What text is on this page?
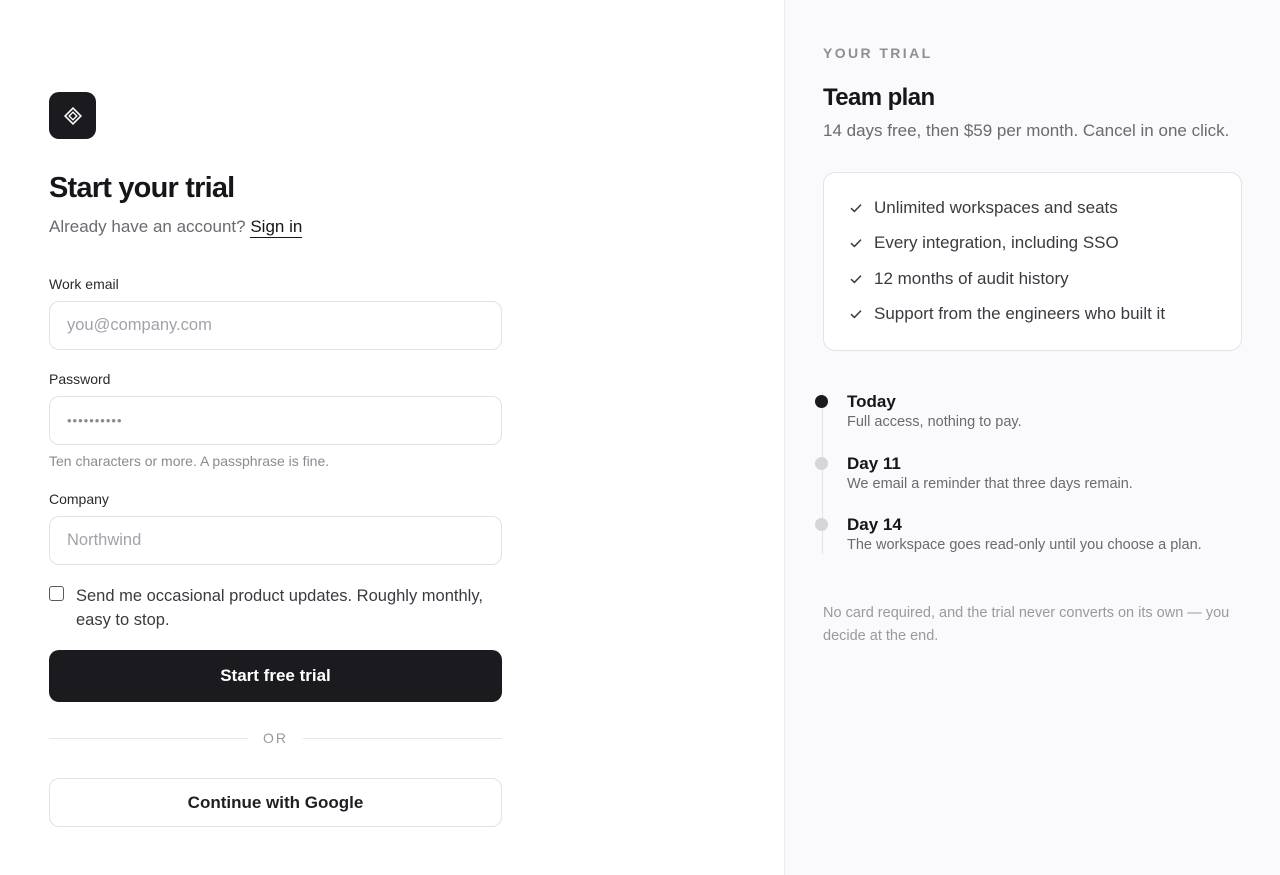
Start your trial

Already have an account? Sign in

Work email
you@company.com
Password
••••••••••
Ten characters or more. A passphrase is fine.
Company
Northwind
Send me occasional product updates. Roughly monthly, easy to stop.
Start free trial
OR
Continue with Google
YOUR TRIAL
Team plan
14 days free, then $59 per month. Cancel in one click.
Unlimited workspaces and seats
Every integration, including SSO
12 months of audit history
Support from the engineers who built it
Today
Full access, nothing to pay.
Day 11
We email a reminder that three days remain.
Day 14
The workspace goes read-only until you choose a plan.
No card required, and the trial never converts on its own — you decide at the end.
